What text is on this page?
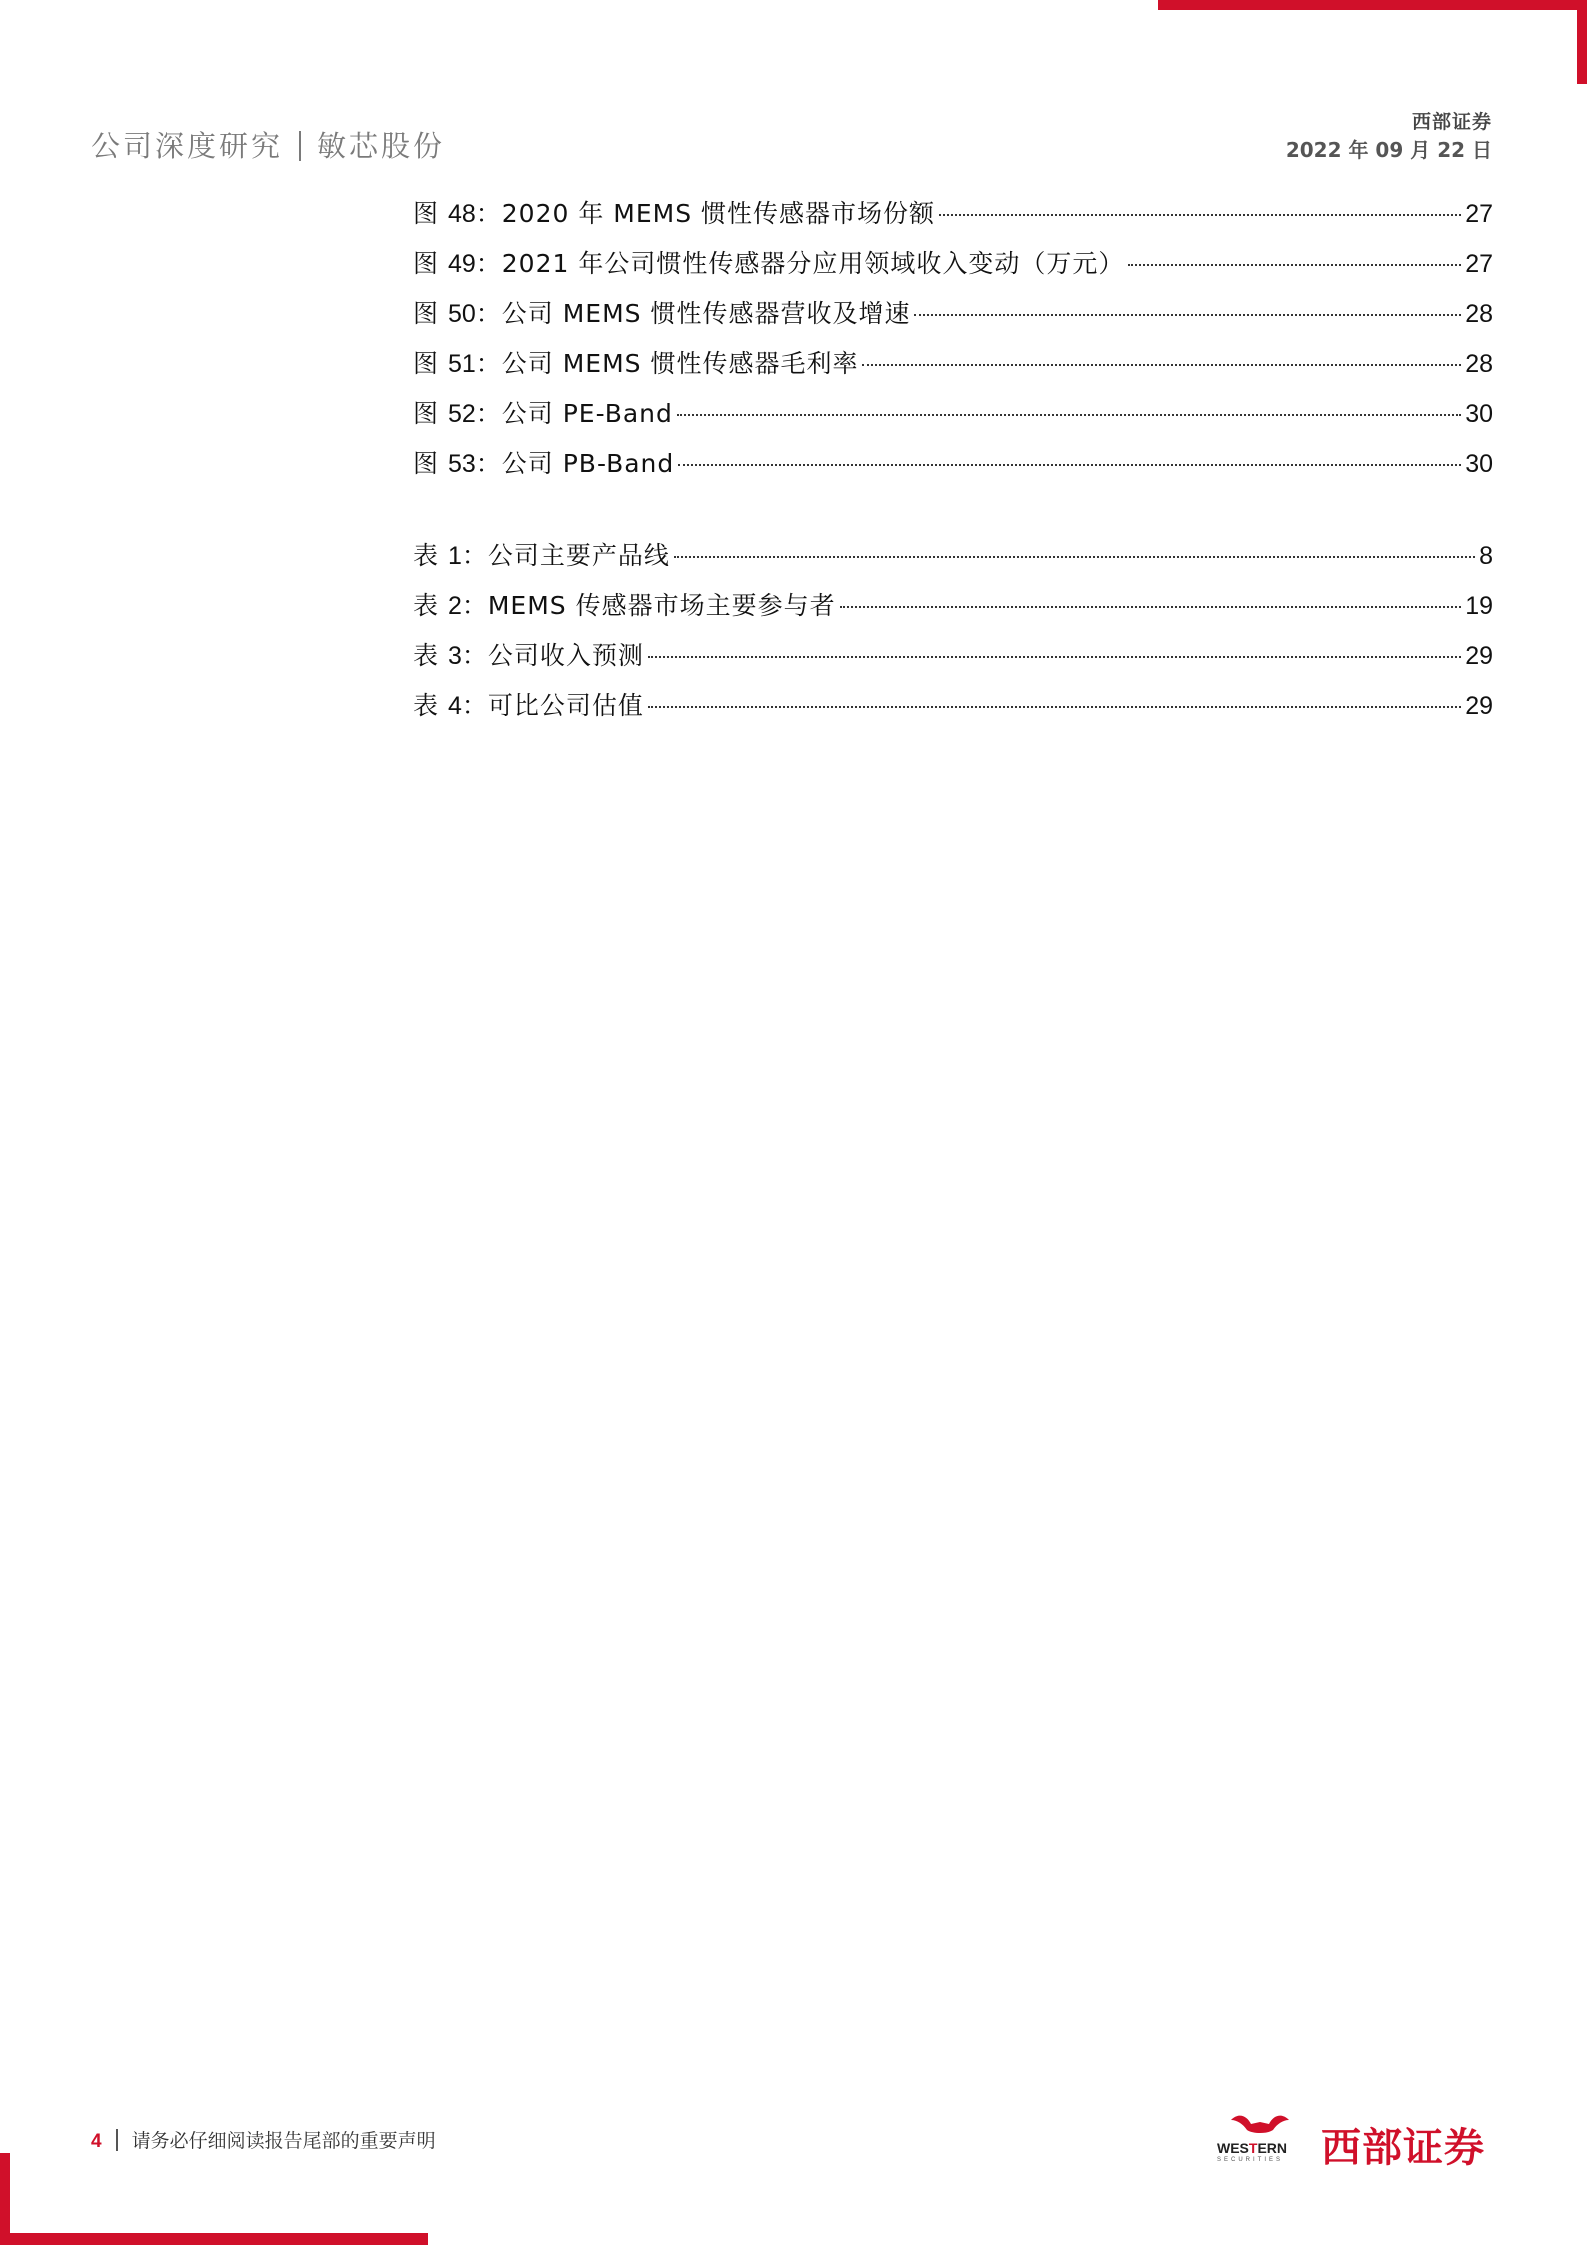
公司深度研究 敏芯股份
西部证券
2022 年 09 月 22 日
图 48：2020 年 MEMS 惯性传感器市场份额	27
图 49：2021 年公司惯性传感器分应用领域收入变动（万元）	27
图 50：公司 MEMS 惯性传感器营收及增速	28
图 51：公司 MEMS 惯性传感器毛利率	28
图 52：公司 PE-Band	30
图 53：公司 PB-Band	30
表 1：公司主要产品线	8
表 2：MEMS 传感器市场主要参与者	19
表 3：公司收入预测	29
表 4：可比公司估值	29
4 请务必仔细阅读报告尾部的重要声明	WESTERN
SECURITIES 西部证券
